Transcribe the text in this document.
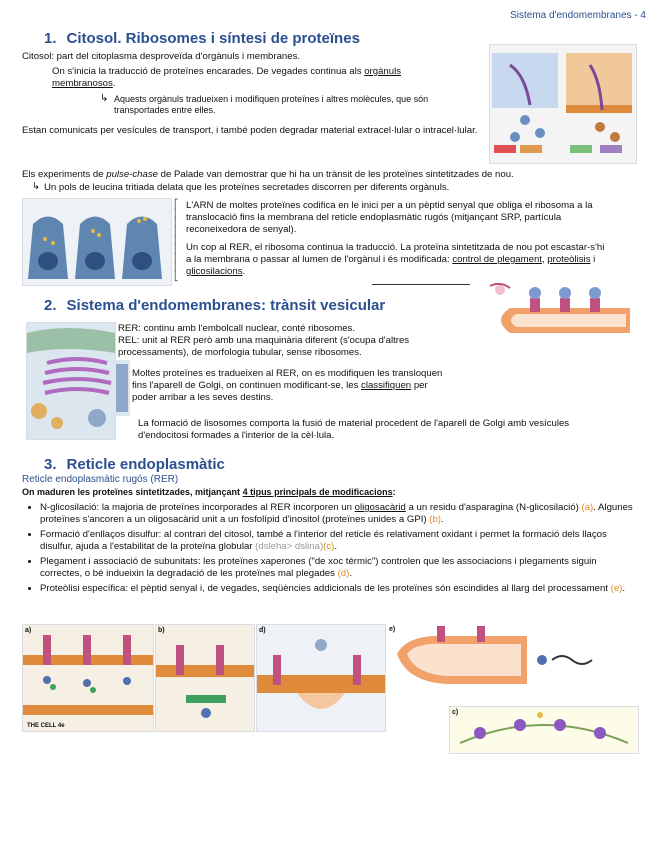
Sistema d'endomembranes - 4
1. Citosol. Ribosomes i síntesi de proteïnes
Citosol: part del citoplasma desproveïda d'orgànuls i membranes.
On s'inicia la traducció de proteïnes encarades. De vegades continua als orgànuls membranosos.
↳ Aquests orgànuls tradueixen i modifiquen proteïnes i altres molècules, que són transportades entre elles.
Estan comunicats per vesícules de transport, i també poden degradar material extracel·lular o intracel·lular.
Els experiments de pulse-chase de Palade van demostrar que hi ha un trànsit de les proteïnes sintetitzades de nou.
↳ Un pols de leucina tritiada delata que les proteïnes secretades discorren per diferents orgànuls.
⎡
⎢
⎢
⎢
⎢
⎢
⎢
⎢
⎣
L'ARN de moltes proteïnes codifica en le inici per a un pèptid senyal que obliga el ribosoma a la translocació fins la membrana del reticle endoplasmàtic rugós (mitjançant SRP, partícula reconeixedora de senyal).
Un cop al RER, el ribosoma continua la traducció. La proteïna sintetitzada de nou pot escastar-s'hi a la membrana o passar al lumen de l'orgànul i és modificada: control de plegament, proteòlisis i glicosilacions.
2. Sistema d'endomembranes: trànsit vesicular
RER: continu amb l'embolcall nuclear, conté ribosomes.
REL: unit al RER però amb una maquinària diferent (s'ocupa d'altres processaments), de morfologia tubular, sense ribosomes.
Moltes proteïnes es tradueixen al RER, on es modifiquen les transloquen fins l'aparell de Golgi, on continuen modificant-se, les classifiquen per poder arribar a les seves destins.
La formació de lisosomes comporta la fusió de material procedent de l'aparell de Golgi amb vesícules d'endocitosi formades a l'interior de la cèl·lula.
3. Reticle endoplasmàtic
Reticle endoplasmàtic rugós (RER)
On maduren les proteïnes sintetitzades, mitjançant 4 tipus principals de modificacions:
• N-glicosilació: la majoria de proteïnes incorporades al RER incorporen un oligosacàrid a un residu d'asparagina (N-glicosilació) (a). Algunes proteïnes s'ancoren a un oligosacàrid unit a un fosfolípid d'inositol (proteïnes unides a GPI) (b).
• Formació d'enllaços disulfur: al contrari del citosol, també a l'interior del reticle és relativament oxidant i permet la formació dels llaços disulfur, ajuda a l'estabilitat de la proteïna globular (dsleha> dslina)(c).
• Plegament i associació de subunitats: les proteïnes xaperones ("de xoc tèrmic") controlen que les associacions i plegaments siguin correctes, o bé indueixin la degradació de les proteïnes mal plegades (d).
• Proteòlisi específica: el pèptid senyal i, de vegades, seqüències addicionals de les proteïnes són escindides al llarg del processament (e).
a)
THE CELL 4e
b)	d)	e)
c)
